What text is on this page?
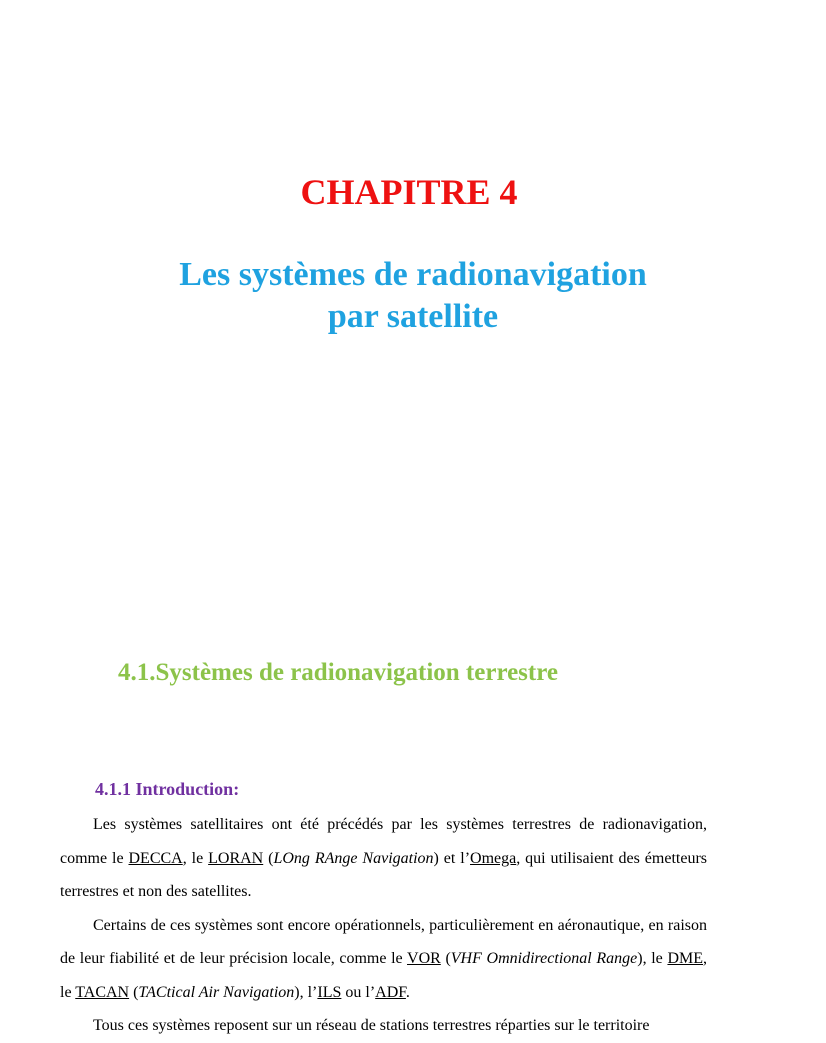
CHAPITRE 4
Les systèmes de radionavigation
par satellite
4.1.Systèmes de radionavigation terrestre
4.1.1 Introduction:

Les systèmes satellitaires ont été précédés par les systèmes terrestres de radionavigation, comme le DECCA, le LORAN (LOng RAnge Navigation) et l’Omega, qui utilisaient des émetteurs terrestres et non des satellites.

Certains de ces systèmes sont encore opérationnels, particulièrement en aéronautique, en raison de leur fiabilité et de leur précision locale, comme le VOR (VHF Omnidirectional Range), le DME, le TACAN (TACtical Air Navigation), l’ILS ou l’ADF.

Tous ces systèmes reposent sur un réseau de stations terrestres réparties sur le territoire
